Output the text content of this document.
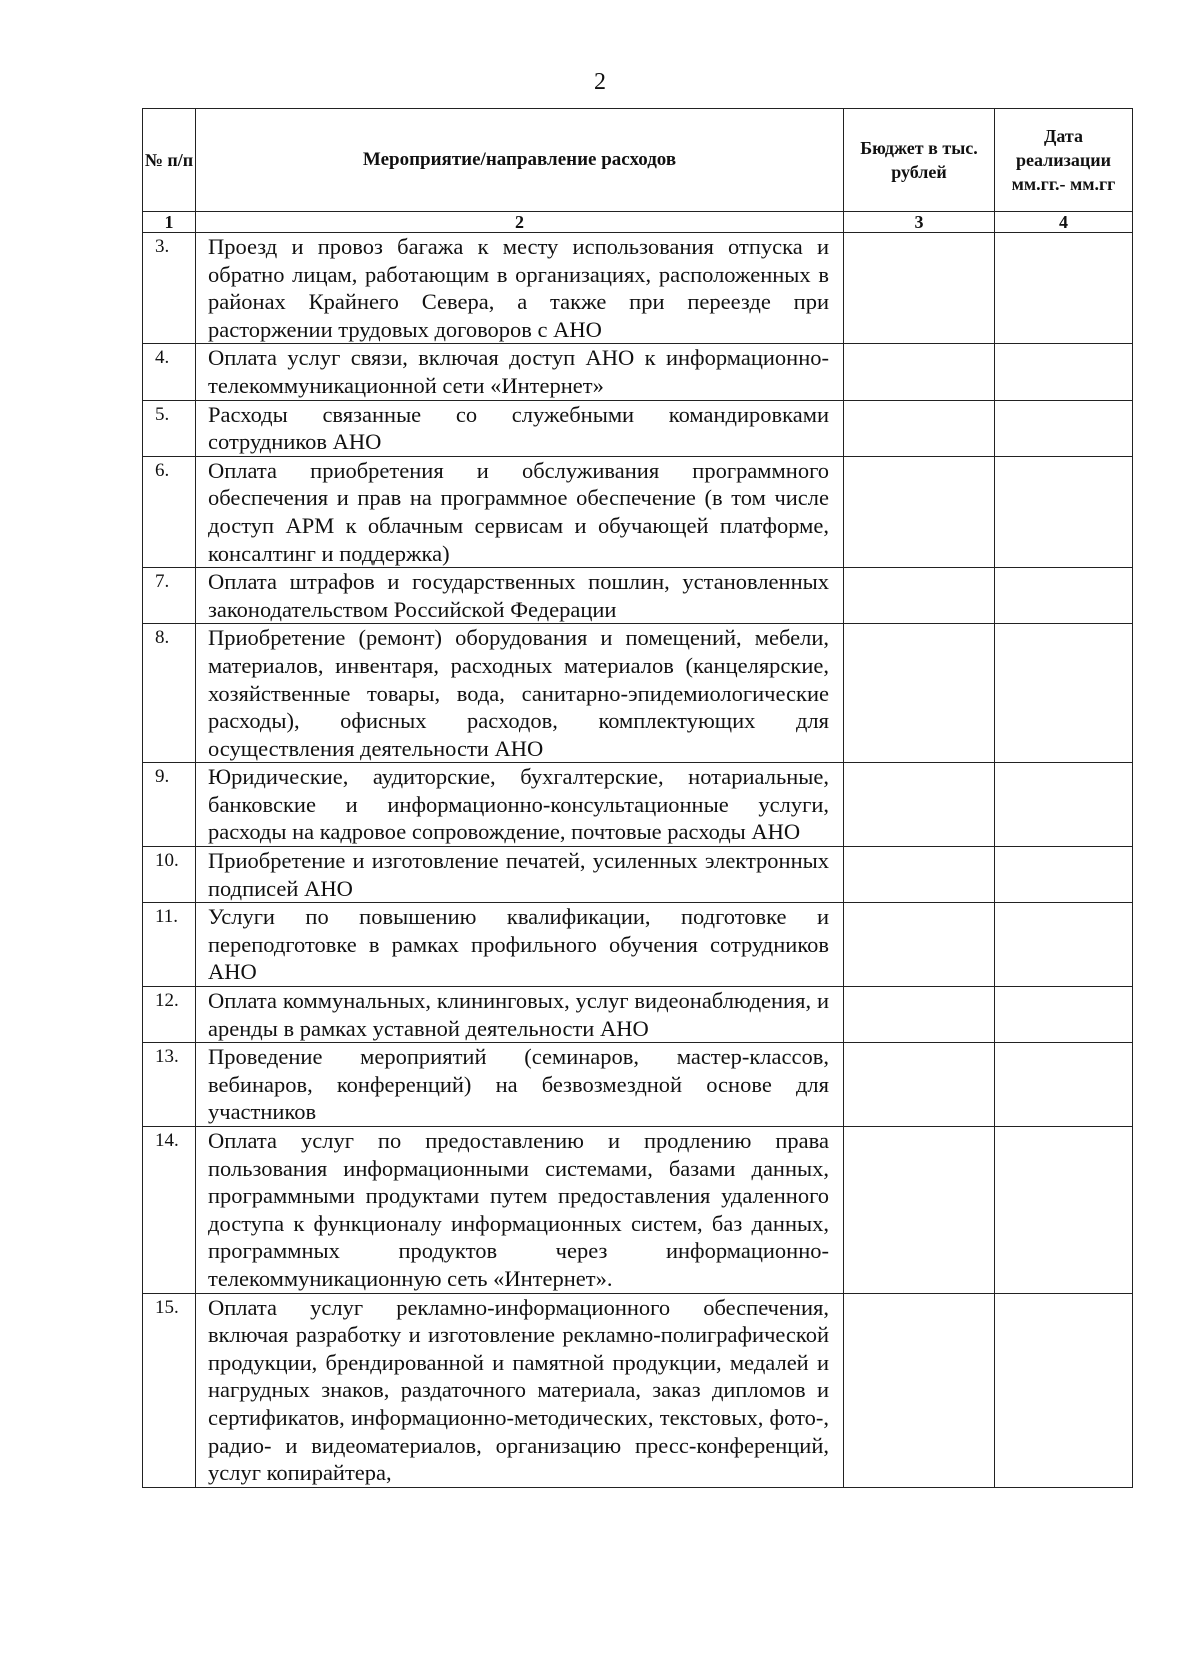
2
№ п/п	Мероприятие/направление расходов	Бюджет в тыс. рублей	Дата реализации мм.гг.- мм.гг
1	2	3	4
3.	Проезд и провоз багажа к месту использования отпуска и обратно лицам, работающим в организациях, расположенных в районах Крайнего Севера, а также при переезде при расторжении трудовых договоров с АНО		
4.	Оплата услуг связи, включая доступ АНО к информационно-телекоммуникационной сети «Интернет»		
5.	Расходы связанные со служебными командировками сотрудников АНО		
6.	Оплата приобретения и обслуживания программного обеспечения и прав на программное обеспечение (в том числе доступ АРМ к облачным сервисам и обучающей платформе, консалтинг и поддержка)		
7.	Оплата штрафов и государственных пошлин, установленных законодательством Российской Федерации		
8.	Приобретение (ремонт) оборудования и помещений, мебели, материалов, инвентаря, расходных материалов (канцелярские, хозяйственные товары, вода, санитарно-эпидемиологические расходы), офисных расходов, комплектующих для осуществления деятельности АНО		
9.	Юридические, аудиторские, бухгалтерские, нотариальные, банковские и информационно-консультационные услуги, расходы на кадровое сопровождение, почтовые расходы АНО		
10.	Приобретение и изготовление печатей, усиленных электронных подписей АНО		
11.	Услуги по повышению квалификации, подготовке и переподготовке в рамках профильного обучения сотрудников АНО		
12.	Оплата коммунальных, клининговых, услуг видеонаблюдения, и аренды в рамках уставной деятельности АНО		
13.	Проведение мероприятий (семинаров, мастер-классов, вебинаров, конференций) на безвозмездной основе для участников		
14.	Оплата услуг по предоставлению и продлению права пользования информационными системами, базами данных, программными продуктами путем предоставления удаленного доступа к функционалу информационных систем, баз данных, программных продуктов через информационно-телекоммуникационную сеть «Интернет».		
15.	Оплата услуг рекламно-информационного обеспечения, включая разработку и изготовление рекламно-полиграфической продукции, брендированной и памятной продукции, медалей и нагрудных знаков, раздаточного материала, заказ дипломов и сертификатов, информационно-методических, текстовых, фото-, радио- и видеоматериалов, организацию пресс-конференций, услуг копирайтера,		
